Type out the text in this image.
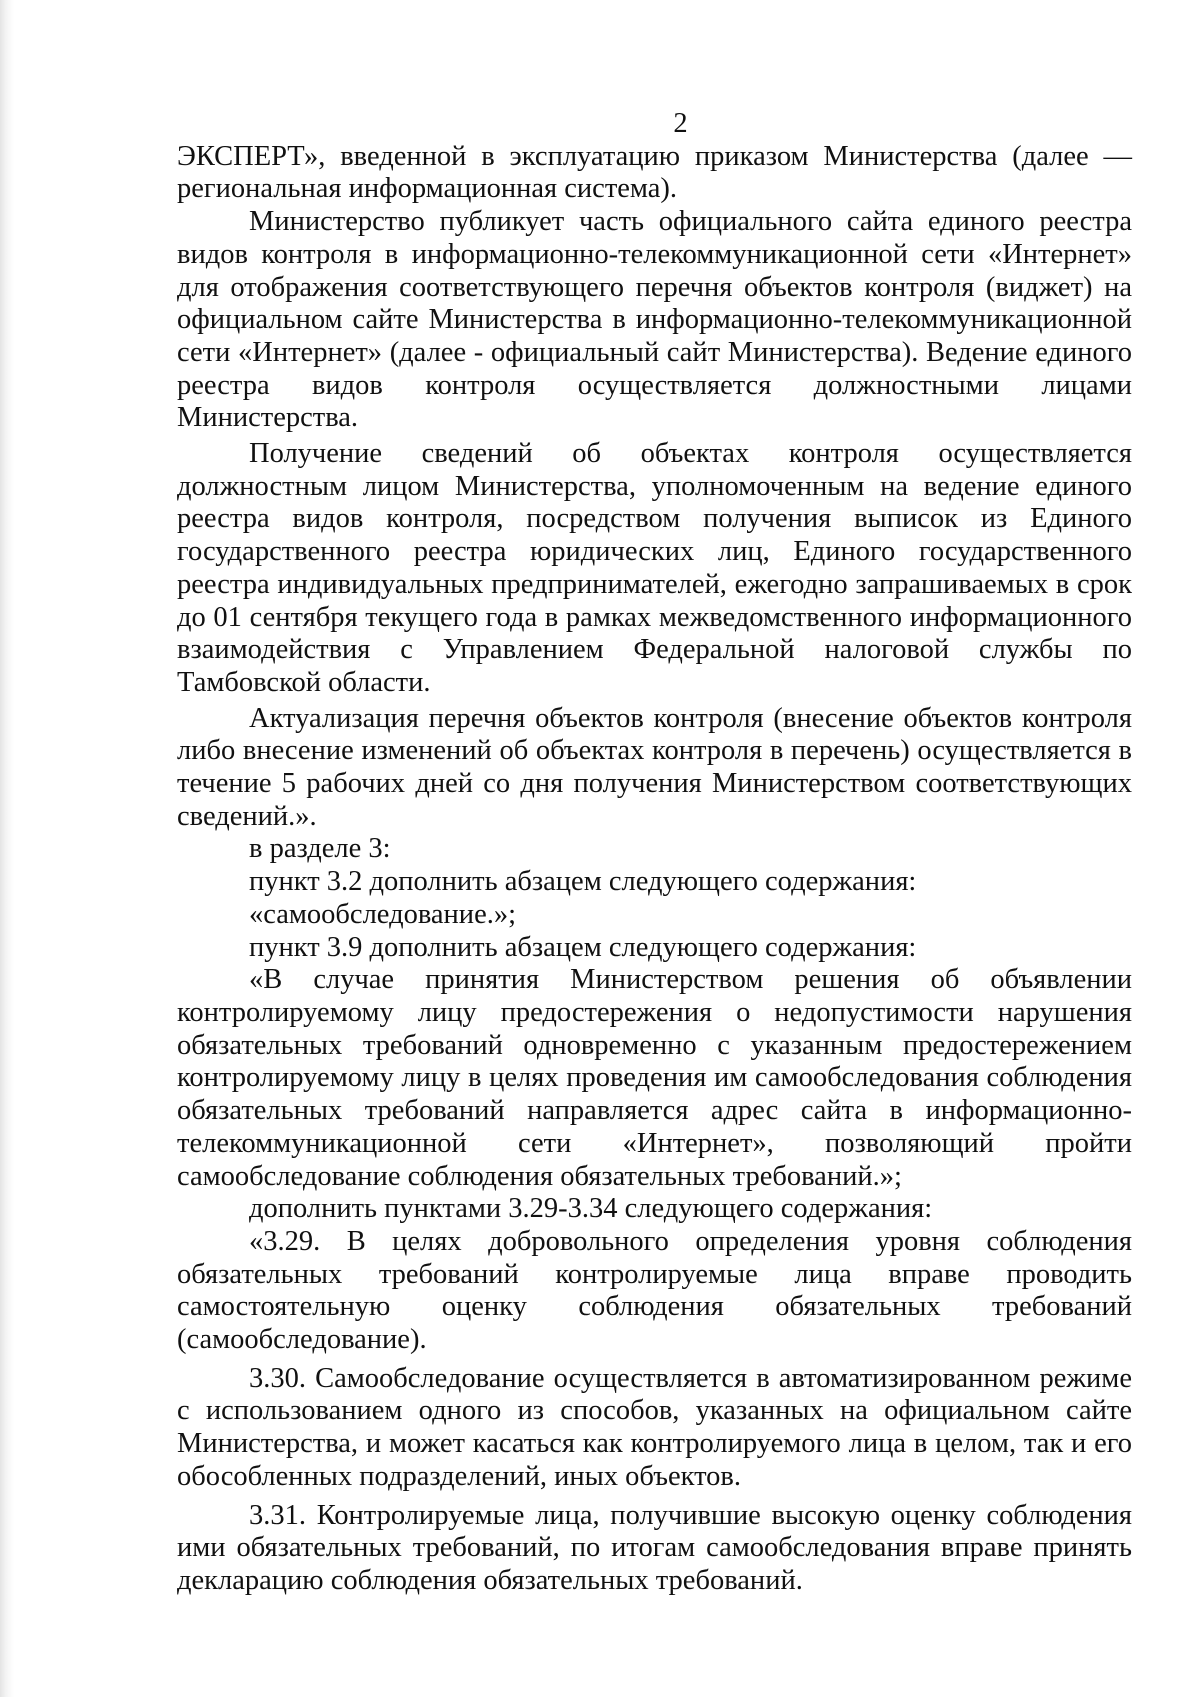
2

ЭКСПЕРТ», введенной в эксплуатацию приказом Министерства (далее — региональная информационная система).

Министерство публикует часть официального сайта единого реестра видов контроля в информационно-телекоммуникационной сети «Интернет» для отображения соответствующего перечня объектов контроля (виджет) на официальном сайте Министерства в информационно-телекоммуникационной сети «Интернет» (далее - официальный сайт Министерства). Ведение единого реестра видов контроля осуществляется должностными лицами Министерства.

Получение сведений об объектах контроля осуществляется должностным лицом Министерства, уполномоченным на ведение единого реестра видов контроля, посредством получения выписок из Единого государственного реестра юридических лиц, Единого государственного реестра индивидуальных предпринимателей, ежегодно запрашиваемых в срок до 01 сентября текущего года в рамках межведомственного информационного взаимодействия с Управлением Федеральной налоговой службы по Тамбовской области.

Актуализация перечня объектов контроля (внесение объектов контроля либо внесение изменений об объектах контроля в перечень) осуществляется в течение 5 рабочих дней со дня получения Министерством соответствующих сведений.».

в разделе 3:

пункт 3.2 дополнить абзацем следующего содержания:

«самообследование.»;

пункт 3.9 дополнить абзацем следующего содержания:

«В случае принятия Министерством решения об объявлении контролируемому лицу предостережения о недопустимости нарушения обязательных требований одновременно с указанным предостережением контролируемому лицу в целях проведения им самообследования соблюдения обязательных требований направляется адрес сайта в информационно-телекоммуникационной сети «Интернет», позволяющий пройти самообследование соблюдения обязательных требований.»;

дополнить пунктами 3.29-3.34 следующего содержания:

«3.29. В целях добровольного определения уровня соблюдения обязательных требований контролируемые лица вправе проводить самостоятельную оценку соблюдения обязательных требований (самообследование).

3.30. Самообследование осуществляется в автоматизированном режиме с использованием одного из способов, указанных на официальном сайте Министерства, и может касаться как контролируемого лица в целом, так и его обособленных подразделений, иных объектов.

3.31. Контролируемые лица, получившие высокую оценку соблюдения ими обязательных требований, по итогам самообследования вправе принять декларацию соблюдения обязательных требований.
